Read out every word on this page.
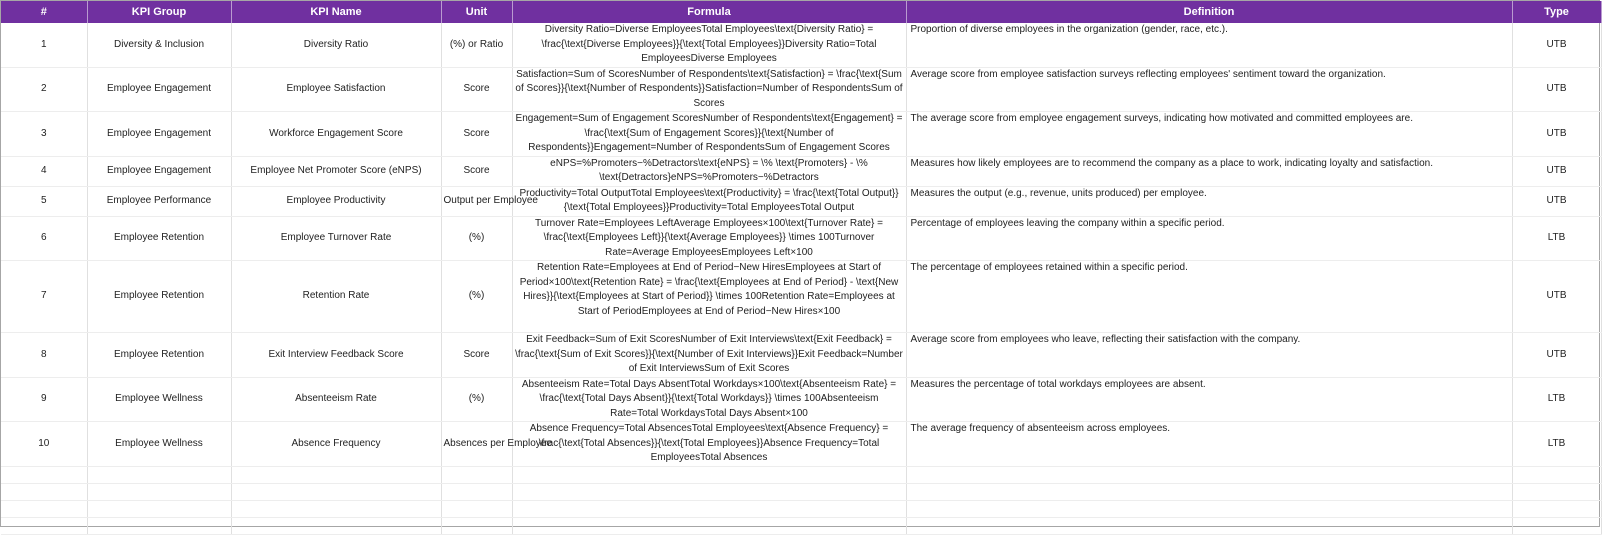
#	KPI Group	KPI Name	Unit	Formula	Definition	Type
1	Diversity & Inclusion	Diversity Ratio	(%) or Ratio	Diversity Ratio=Diverse EmployeesTotal Employees\text{Diversity Ratio} = \frac{\text{Diverse Employees}}{\text{Total Employees}}Diversity Ratio=Total EmployeesDiverse Employees	Proportion of diverse employees in the organization (gender, race, etc.).	UTB
2	Employee Engagement	Employee Satisfaction	Score	Satisfaction=Sum of ScoresNumber of Respondents\text{Satisfaction} = \frac{\text{Sum of Scores}}{\text{Number of Respondents}}Satisfaction=Number of RespondentsSum of Scores	Average score from employee satisfaction surveys reflecting employees' sentiment toward the organization.	UTB
3	Employee Engagement	Workforce Engagement Score	Score	Engagement=Sum of Engagement ScoresNumber of Respondents\text{Engagement} = \frac{\text{Sum of Engagement Scores}}{\text{Number of Respondents}}Engagement=Number of RespondentsSum of Engagement Scores	The average score from employee engagement surveys, indicating how motivated and committed employees are.	UTB
4	Employee Engagement	Employee Net Promoter Score (eNPS)	Score	eNPS=%Promoters−%Detractors\text{eNPS} = \% \text{Promoters} - \% \text{Detractors}eNPS=%Promoters−%Detractors	Measures how likely employees are to recommend the company as a place to work, indicating loyalty and satisfaction.	UTB
5	Employee Performance	Employee Productivity	Output per Employee	Productivity=Total OutputTotal Employees\text{Productivity} = \frac{\text{Total Output}}{\text{Total Employees}}Productivity=Total EmployeesTotal Output	Measures the output (e.g., revenue, units produced) per employee.	UTB
6	Employee Retention	Employee Turnover Rate	(%)	Turnover Rate=Employees LeftAverage Employees×100\text{Turnover Rate} = \frac{\text{Employees Left}}{\text{Average Employees}} \times 100Turnover Rate=Average EmployeesEmployees Left×100	Percentage of employees leaving the company within a specific period.	LTB
7	Employee Retention	Retention Rate	(%)	Retention Rate=Employees at End of Period−New HiresEmployees at Start of Period×100\text{Retention Rate} = \frac{\text{Employees at End of Period} - \text{New Hires}}{\text{Employees at Start of Period}} \times 100Retention Rate=Employees at Start of PeriodEmployees at End of Period−New Hires×100	The percentage of employees retained within a specific period.	UTB
8	Employee Retention	Exit Interview Feedback Score	Score	Exit Feedback=Sum of Exit ScoresNumber of Exit Interviews\text{Exit Feedback} = \frac{\text{Sum of Exit Scores}}{\text{Number of Exit Interviews}}Exit Feedback=Number of Exit InterviewsSum of Exit Scores	Average score from employees who leave, reflecting their satisfaction with the company.	UTB
9	Employee Wellness	Absenteeism Rate	(%)	Absenteeism Rate=Total Days AbsentTotal Workdays×100\text{Absenteeism Rate} = \frac{\text{Total Days Absent}}{\text{Total Workdays}} \times 100Absenteeism Rate=Total WorkdaysTotal Days Absent×100	Measures the percentage of total workdays employees are absent.	LTB
10	Employee Wellness	Absence Frequency	Absences per Employee	Absence Frequency=Total AbsencesTotal Employees\text{Absence Frequency} = \frac{\text{Total Absences}}{\text{Total Employees}}Absence Frequency=Total EmployeesTotal Absences	The average frequency of absenteeism across employees.	LTB
